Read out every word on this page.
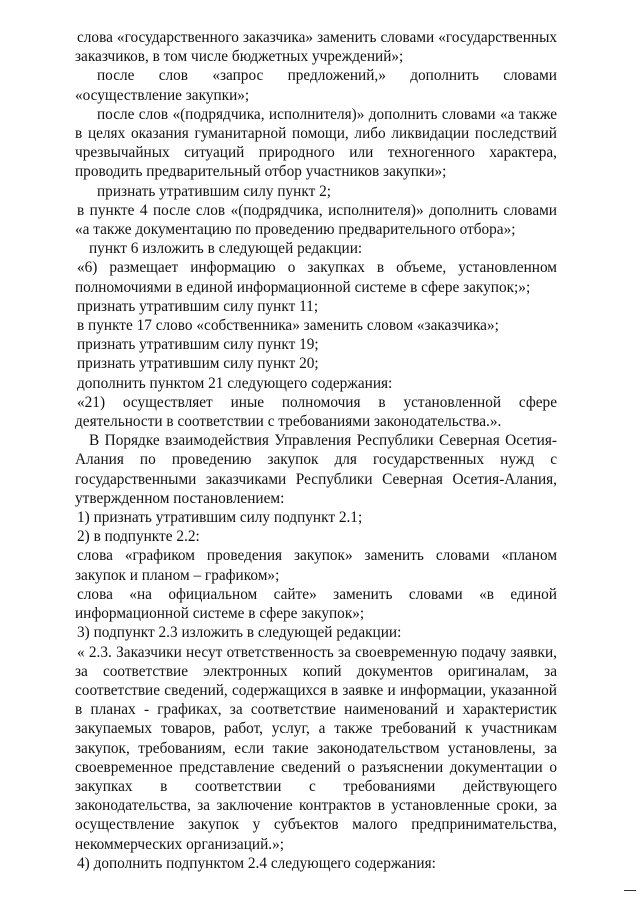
слова «государственного заказчика» заменить словами «государственных заказчиков, в том числе бюджетных учреждений»;

после слов «запрос предложений,» дополнить словами «осуществление закупки»;

после слов «(подрядчика, исполнителя)» дополнить словами «а также в целях оказания гуманитарной помощи, либо ликвидации последствий чрезвычайных ситуаций природного или техногенного характера, проводить предварительный отбор участников закупки»;

признать утратившим силу пункт 2;

в пункте 4 после слов «(подрядчика, исполнителя)» дополнить словами «а также документацию по проведению предварительного отбора»;

пункт 6 изложить в следующей редакции:

«6) размещает информацию о закупках в объеме, установленном полномочиями в единой информационной системе в сфере закупок;»;

признать утратившим силу пункт 11;

в пункте 17 слово «собственника» заменить словом «заказчика»;

признать утратившим силу пункт 19;

признать утратившим силу пункт 20;

дополнить пунктом 21 следующего содержания:

«21) осуществляет иные полномочия в установленной сфере деятельности в соответствии с требованиями законодательства.».

В Порядке взаимодействия Управления Республики Северная Осетия-Алания по проведению закупок для государственных нужд с государственными заказчиками Республики Северная Осетия-Алания, утвержденном постановлением:

1) признать утратившим силу подпункт 2.1;

2) в подпункте 2.2:

слова «графиком проведения закупок» заменить словами «планом закупок и планом – графиком»;

слова «на официальном сайте» заменить словами «в единой информационной системе в сфере закупок»;

3) подпункт 2.3 изложить в следующей редакции:

« 2.3. Заказчики несут ответственность за своевременную подачу заявки, за соответствие электронных копий документов оригиналам, за соответствие сведений, содержащихся в заявке и информации, указанной в планах - графиках, за соответствие наименований и характеристик закупаемых товаров, работ, услуг, а также требований к участникам закупок, требованиям, если такие законодательством установлены, за своевременное представление сведений о разъяснении документации о закупках в соответствии с требованиями действующего законодательства, за заключение контрактов в установленные сроки, за осуществление закупок у субъектов малого предпринимательства, некоммерческих организаций.»;

4) дополнить подпунктом 2.4 следующего содержания:
